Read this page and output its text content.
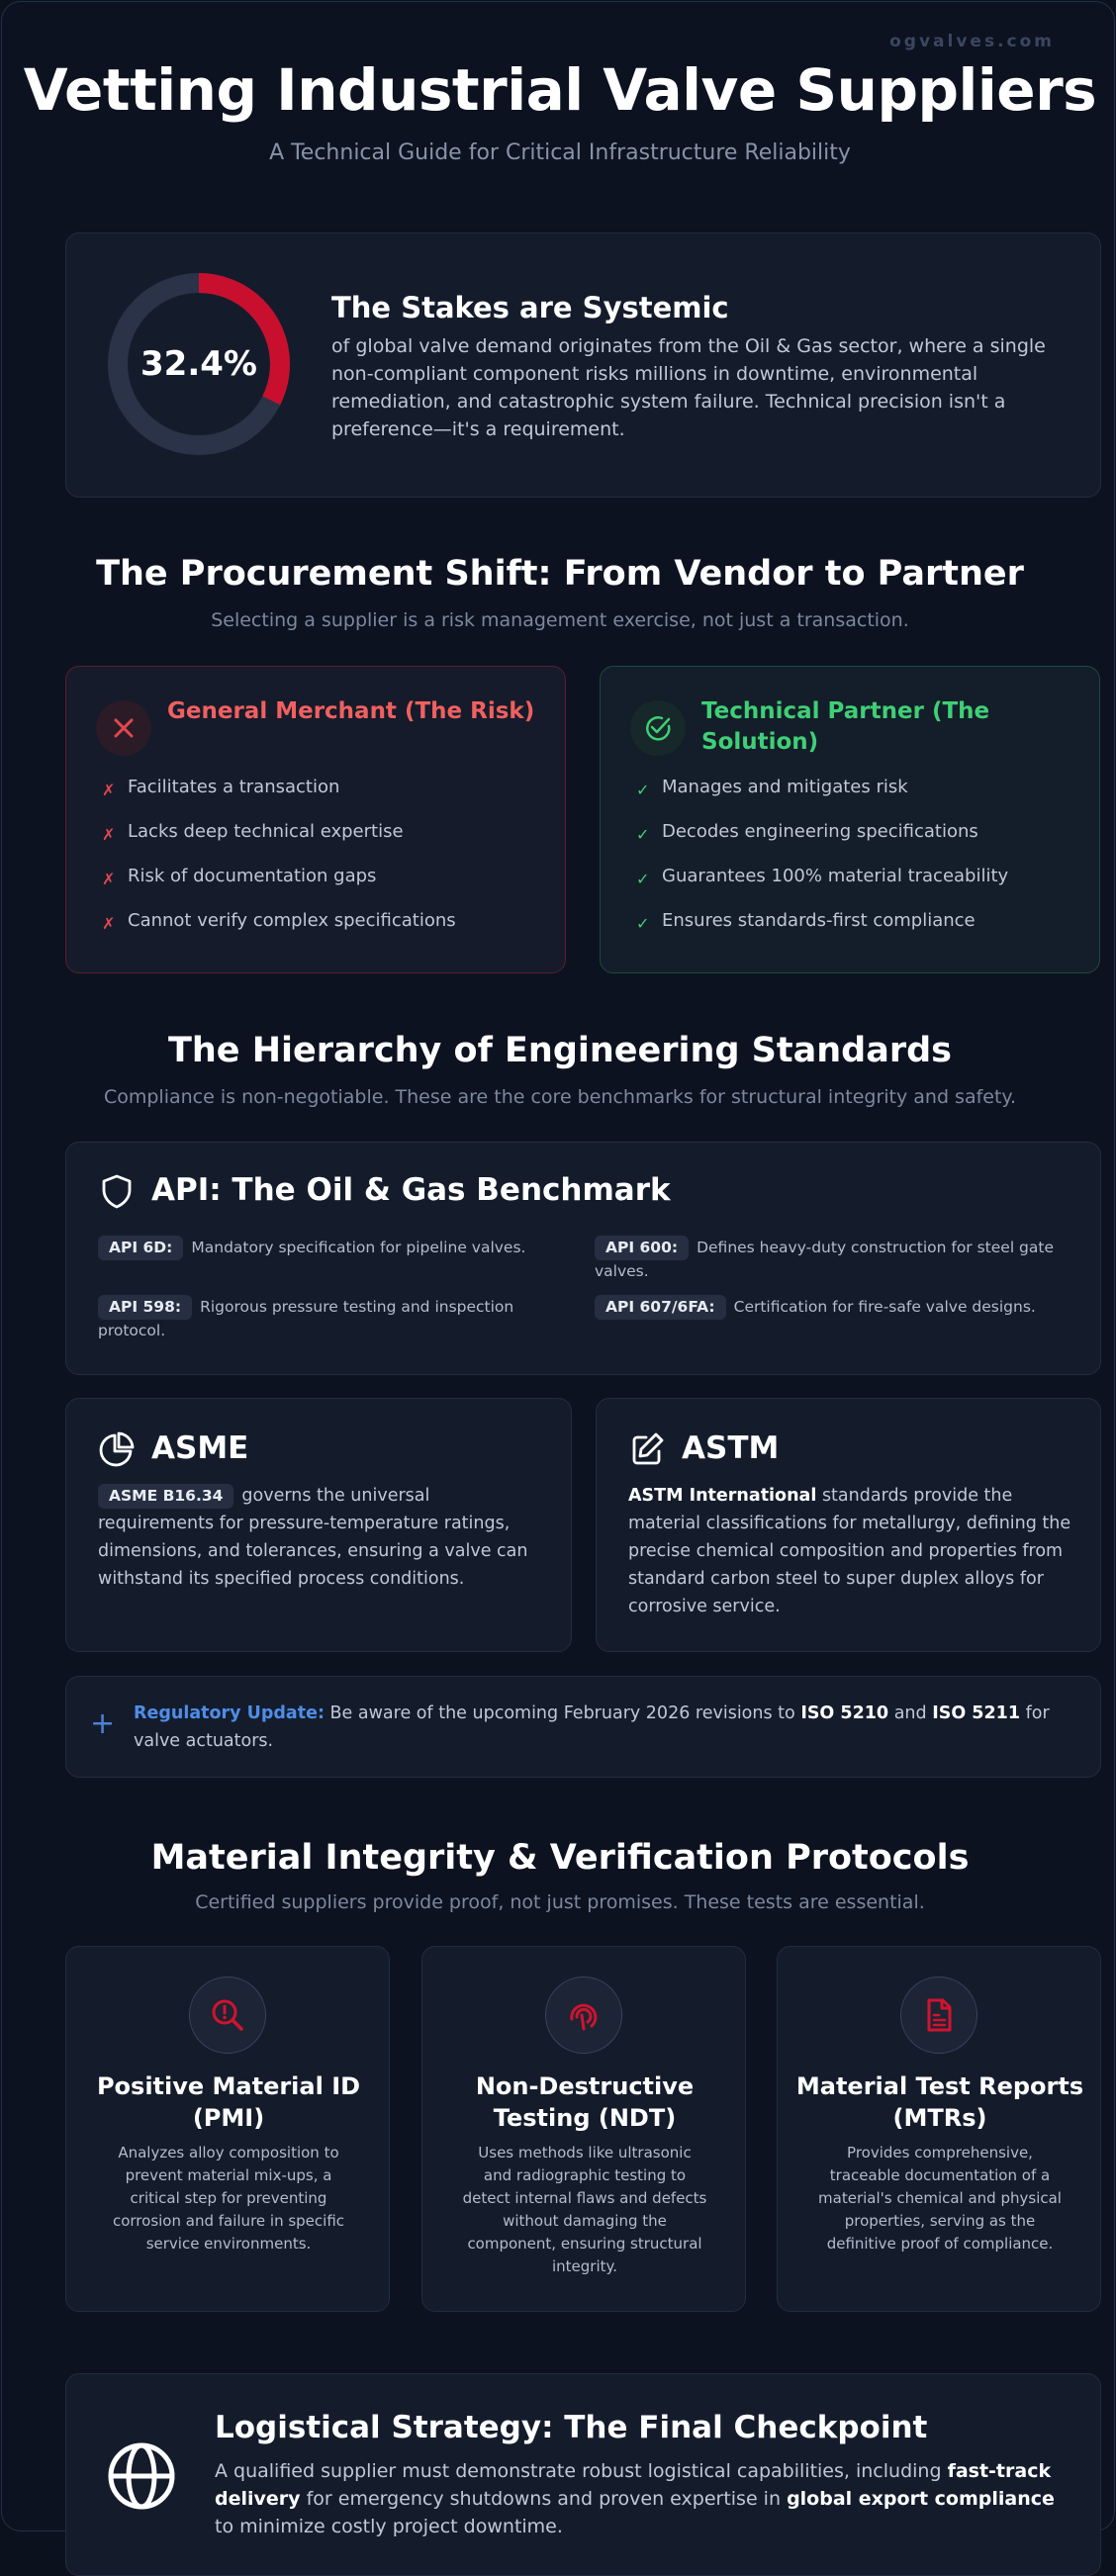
ogvalves.com
Vetting Industrial Valve Suppliers
A Technical Guide for Critical Infrastructure Reliability
32.4%
The Stakes are Systemic

of global valve demand originates from the Oil & Gas sector, where a single non-compliant component risks millions in downtime, environmental remediation, and catastrophic system failure. Technical precision isn't a preference—it's a requirement.

The Procurement Shift: From Vendor to Partner
Selecting a supplier is a risk management exercise, not just a transaction.
General Merchant (The Risk)
✗ Facilitates a transaction
✗ Lacks deep technical expertise
✗ Risk of documentation gaps
✗ Cannot verify complex specifications
Technical Partner (The Solution)
✓ Manages and mitigates risk
✓ Decodes engineering specifications
✓ Guarantees 100% material traceability
✓ Ensures standards-first compliance
The Hierarchy of Engineering Standards
Compliance is non-negotiable. These are the core benchmarks for structural integrity and safety.
API: The Oil & Gas Benchmark
API 6D: Mandatory specification for pipeline valves.	API 600: Defines heavy-duty construction for steel gate valves.
API 598: Rigorous pressure testing and inspection protocol.
API 607/6FA: Certification for fire-safe valve designs.
ASME
ASME B16.34 governs the universal requirements for pressure-temperature ratings, dimensions, and tolerances, ensuring a valve can withstand its specified process conditions.
ASTM
ASTM International standards provide the material classifications for metallurgy, defining the precise chemical composition and properties from standard carbon steel to super duplex alloys for corrosive service.
+ Regulatory Update: Be aware of the upcoming February 2026 revisions to ISO 5210 and ISO 5211 for valve actuators.

Material Integrity & Verification Protocols
Certified suppliers provide proof, not just promises. These tests are essential.
Positive Material ID (PMI)

Analyzes alloy composition to prevent material mix-ups, a critical step for preventing corrosion and failure in specific service environments.

Non-Destructive Testing (NDT)

Uses methods like ultrasonic and radiographic testing to detect internal flaws and defects without damaging the component, ensuring structural integrity.

Material Test Reports (MTRs)

Provides comprehensive, traceable documentation of a material's chemical and physical properties, serving as the definitive proof of compliance.

Logistical Strategy: The Final Checkpoint

A qualified supplier must demonstrate robust logistical capabilities, including fast-track delivery for emergency shutdowns and proven expertise in global export compliance to minimize costly project downtime.
